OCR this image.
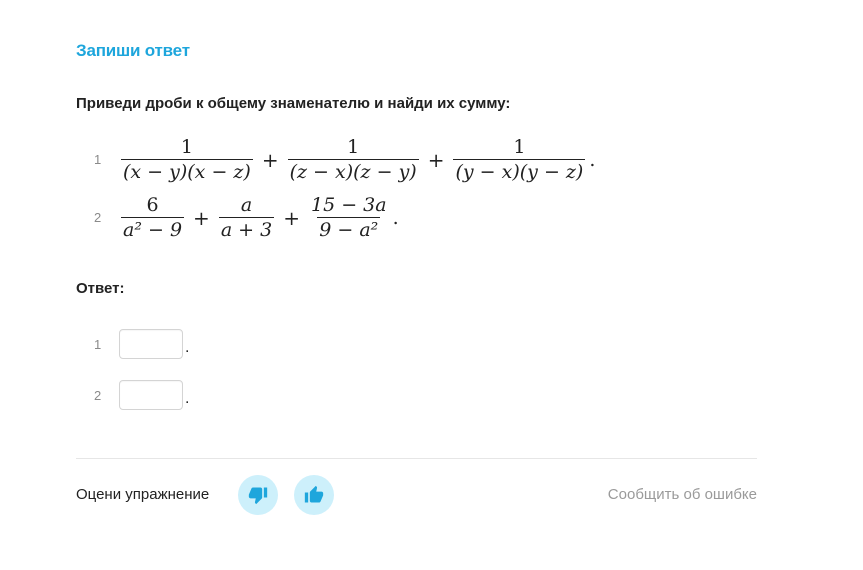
Запиши ответ
Приведи дроби к общему знаменателю и найди их сумму:
1	$\frac{1}{(x - y)(x - z)} + \frac{1}{(z - x)(z - y)} + \frac{1}{(y - x)(y - z)}$ .
2	$\frac{6}{\text{a² − 9}} + \frac{a}{a + 3} + \frac{15 - 3a}{\text{9 − a²}}$ .
Ответ:
1	.
2	.
Оцени упражнение	Сообщить об ошибке
